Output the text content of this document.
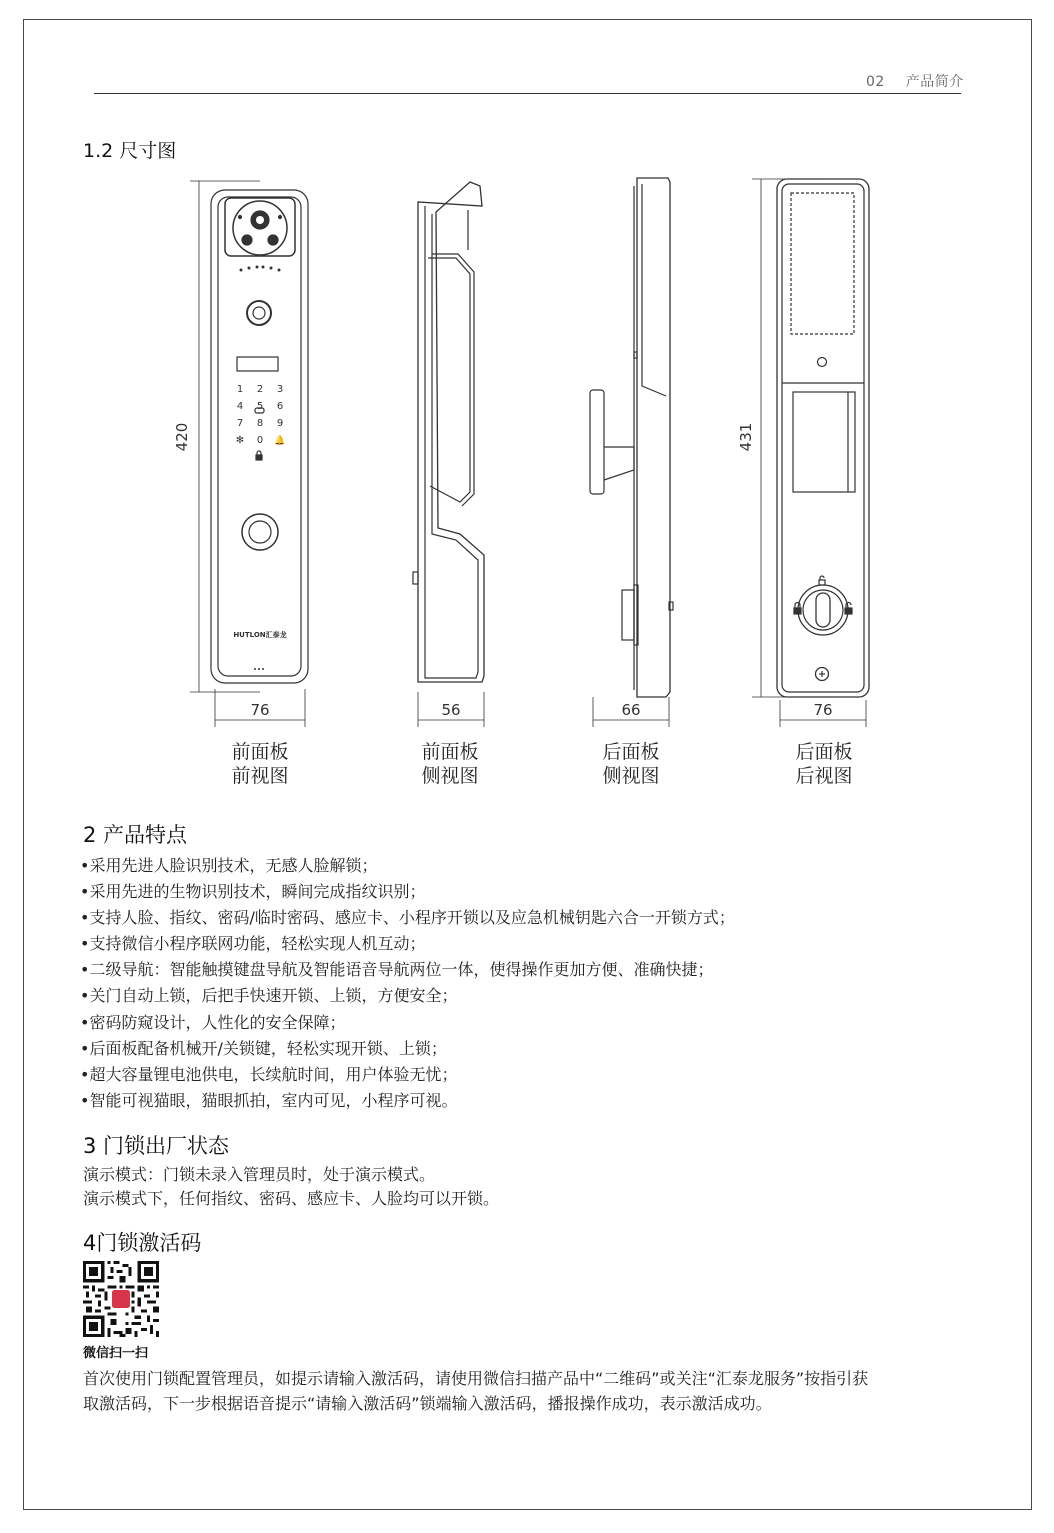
02 产品简介
1.2 尺寸图
1 2 3
4 5 6
7 8 9
✻ 0 🔔
HUTLON汇泰龙
420
76	56	66
431
76
前面板
前视图
前面板
侧视图
后面板
侧视图
后面板
后视图
2 产品特点
• 采用先进人脸识别技术，无感人脸解锁；
• 采用先进的生物识别技术，瞬间完成指纹识别；
• 支持人脸、指纹、密码/临时密码、感应卡、小程序开锁以及应急机械钥匙六合一开锁方式；
• 支持微信小程序联网功能，轻松实现人机互动；
• 二级导航：智能触摸键盘导航及智能语音导航两位一体，使得操作更加方便、准确快捷；
• 关门自动上锁，后把手快速开锁、上锁，方便安全；
• 密码防窥设计，人性化的安全保障；
• 后面板配备机械开/关锁键，轻松实现开锁、上锁；
• 超大容量锂电池供电，长续航时间，用户体验无忧；
• 智能可视猫眼，猫眼抓拍，室内可见，小程序可视。
3 门锁出厂状态

演示模式：门锁未录入管理员时，处于演示模式。

演示模式下，任何指纹、密码、感应卡、人脸均可以开锁。

4门锁激活码
微信扫一扫

首次使用门锁配置管理员，如提示请输入激活码，请使用微信扫描产品中“二维码”或关注“汇泰龙服务”按指引获

取激活码，下一步根据语音提示“请输入激活码”锁端输入激活码，播报操作成功，表示激活成功。
